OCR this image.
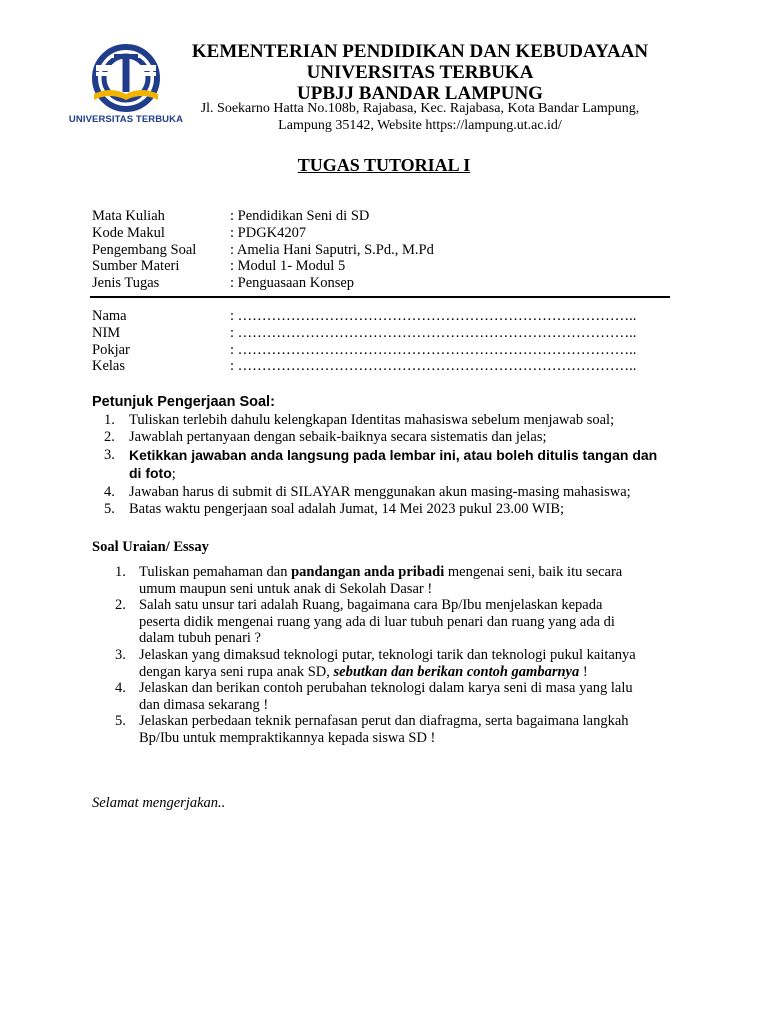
UNIVERSITAS TERBUKA
KEMENTERIAN PENDIDIKAN DAN KEBUDAYAAN
UNIVERSITAS TERBUKA
UPBJJ BANDAR LAMPUNG
Jl. Soekarno Hatta No.108b, Rajabasa, Kec. Rajabasa, Kota Bandar Lampung,
Lampung 35142, Website https://lampung.ut.ac.id/
TUGAS TUTORIAL I
Mata Kuliah	: Pendidikan Seni di SD
Kode Makul	: PDGK4207
Pengembang Soal	: Amelia Hani Saputri, S.Pd., M.Pd
Sumber Materi	: Modul 1- Modul 5
Jenis Tugas	: Penguasaan Konsep
Nama	: ………………………………………………………………………..
NIM	: ………………………………………………………………………..
Pokjar	: ………………………………………………………………………..
Kelas	: ………………………………………………………………………..
Petunjuk Pengerjaan Soal:
1. Tuliskan terlebih dahulu kelengkapan Identitas mahasiswa sebelum menjawab soal;
2. Jawablah pertanyaan dengan sebaik-baiknya secara sistematis dan jelas;
3. Ketikkan jawaban anda langsung pada lembar ini, atau boleh ditulis tangan dan
di foto;
4. Jawaban harus di submit di SILAYAR menggunakan akun masing-masing mahasiswa;
5. Batas waktu pengerjaan soal adalah Jumat, 14 Mei 2023 pukul 23.00 WIB;
Soal Uraian/ Essay
1. Tuliskan pemahaman dan pandangan anda pribadi mengenai seni, baik itu secara
umum maupun seni untuk anak di Sekolah Dasar !
2. Salah satu unsur tari adalah Ruang, bagaimana cara Bp/Ibu menjelaskan kepada
peserta didik mengenai ruang yang ada di luar tubuh penari dan ruang yang ada di
dalam tubuh penari ?
3. Jelaskan yang dimaksud teknologi putar, teknologi tarik dan teknologi pukul kaitanya
dengan karya seni rupa anak SD, sebutkan dan berikan contoh gambarnya !
4. Jelaskan dan berikan contoh perubahan teknologi dalam karya seni di masa yang lalu
dan dimasa sekarang !
5. Jelaskan perbedaan teknik pernafasan perut dan diafragma, serta bagaimana langkah
Bp/Ibu untuk mempraktikannya kepada siswa SD !
Selamat mengerjakan..
